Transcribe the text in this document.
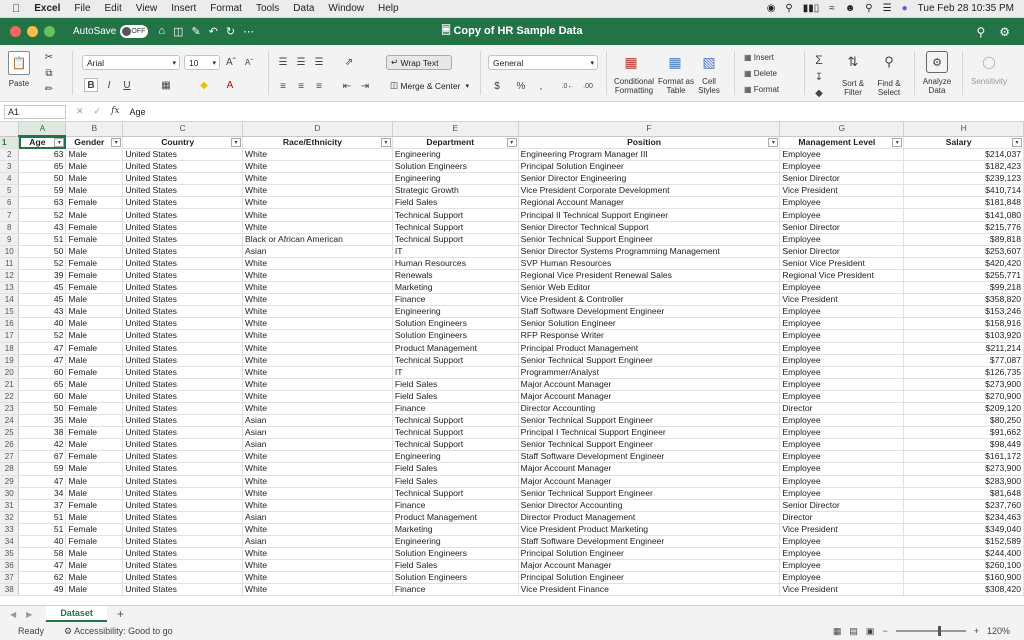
Excel File Edit View Insert Format Tools Data Window Help	◉ ⚲ ▮▮▯ ≈ ☻ ⚲ ☰ ● Tue Feb 28 10:35 PM
AutoSave	OFF ⌂ ◫ ✎ ↶ ↻ ⋯	🗏 Copy of HR Sample Data	⚲ ⚙
📋
Paste
✂
⧉
✏
Arial	▾	10 ▾	Aˆ	Aˇ
B	I	U	▦	◆	A
☰ ☰ ☰
≡	≡	≡
⇗
⇤ ⇥
↵ Wrap Text
◫ Merge & Center ▾
General	▾
$	%	,	.0←	.00
▦
Conditional Formatting
▦
Format as Table
▧
Cell Styles
▦ Insert
▦ Delete
▦ Format
Σ
↧
◆
⇅
Sort & Filter
⚲
Find & Select
⚙
Analyze Data
◯
Sensitivity
A1	✕ ✓ fx Age
	A	B	C	D	E	F	G	H
1	Age ▾	Gender ▾	Country ▾	Race/Ethnicity ▾	Department ▾	Position ▾	Management Level ▾	Salary ▾

2	63	Male	United States	White	Engineering	Engineering Program Manager III	Employee	$214,037
3	65	Male	United States	White	Solution Engineers	Principal Solution Engineer	Employee	$182,423
4	50	Male	United States	White	Engineering	Senior Director Engineering	Senior Director	$239,123
5	59	Male	United States	White	Strategic Growth	Vice President Corporate Development	Vice President	$410,714
6	63	Female	United States	White	Field Sales	Regional Account Manager	Employee	$181,848
7	52	Male	United States	White	Technical Support	Principal II Technical Support Engineer	Employee	$141,080
8	43	Female	United States	White	Technical Support	Senior Director Technical Support	Senior Director	$215,776
9	51	Female	United States	Black or African American	Technical Support	Senior Technical Support Engineer	Employee	$89,818
10	50	Male	United States	Asian	IT	Senior Director Systems Programming Management	Senior Director	$253,607
11	52	Female	United States	White	Human Resources	SVP Human Resources	Senior Vice President	$420,420
12	39	Female	United States	White	Renewals	Regional Vice President Renewal Sales	Regional Vice President	$255,771
13	45	Female	United States	White	Marketing	Senior Web Editor	Employee	$99,218
14	45	Male	United States	White	Finance	Vice President & Controller	Vice President	$358,820
15	43	Male	United States	White	Engineering	Staff Software Development Engineer	Employee	$153,246
16	40	Male	United States	White	Solution Engineers	Senior Solution Engineer	Employee	$158,916
17	52	Male	United States	White	Solution Engineers	RFP Response Writer	Employee	$103,920
18	47	Female	United States	White	Product Management	Principal Product Management	Employee	$211,214
19	47	Male	United States	White	Technical Support	Senior Technical Support Engineer	Employee	$77,087
20	60	Female	United States	White	IT	Programmer/Analyst	Employee	$126,735
21	65	Male	United States	White	Field Sales	Major Account Manager	Employee	$273,900
22	60	Male	United States	White	Field Sales	Major Account Manager	Employee	$270,900
23	50	Female	United States	White	Finance	Director Accounting	Director	$209,120
24	35	Male	United States	Asian	Technical Support	Senior Technical Support Engineer	Employee	$80,250
25	38	Female	United States	Asian	Technical Support	Principal I Technical Support Engineer	Employee	$91,662
26	42	Male	United States	Asian	Technical Support	Senior Technical Support Engineer	Employee	$98,449
27	67	Female	United States	White	Engineering	Staff Software Development Engineer	Employee	$161,172
28	59	Male	United States	White	Field Sales	Major Account Manager	Employee	$273,900
29	47	Male	United States	White	Field Sales	Major Account Manager	Employee	$283,900
30	34	Male	United States	White	Technical Support	Senior Technical Support Engineer	Employee	$81,648
31	37	Female	United States	White	Finance	Senior Director Accounting	Senior Director	$237,760
32	51	Male	United States	Asian	Product Management	Director Product Management	Director	$234,463
33	51	Female	United States	White	Marketing	Vice President Product Marketing	Vice President	$349,040
34	40	Female	United States	Asian	Engineering	Staff Software Development Engineer	Employee	$152,589
35	58	Male	United States	White	Solution Engineers	Principal Solution Engineer	Employee	$244,400
36	47	Male	United States	White	Field Sales	Major Account Manager	Employee	$260,100
37	62	Male	United States	White	Solution Engineers	Principal Solution Engineer	Employee	$160,900
38	49	Male	United States	White	Finance	Vice President Finance	Vice President	$308,420
◀ ▶	Dataset	+
Ready ⚙ Accessibility: Good to go	▦ ▤ ▣ −	+ 120%
